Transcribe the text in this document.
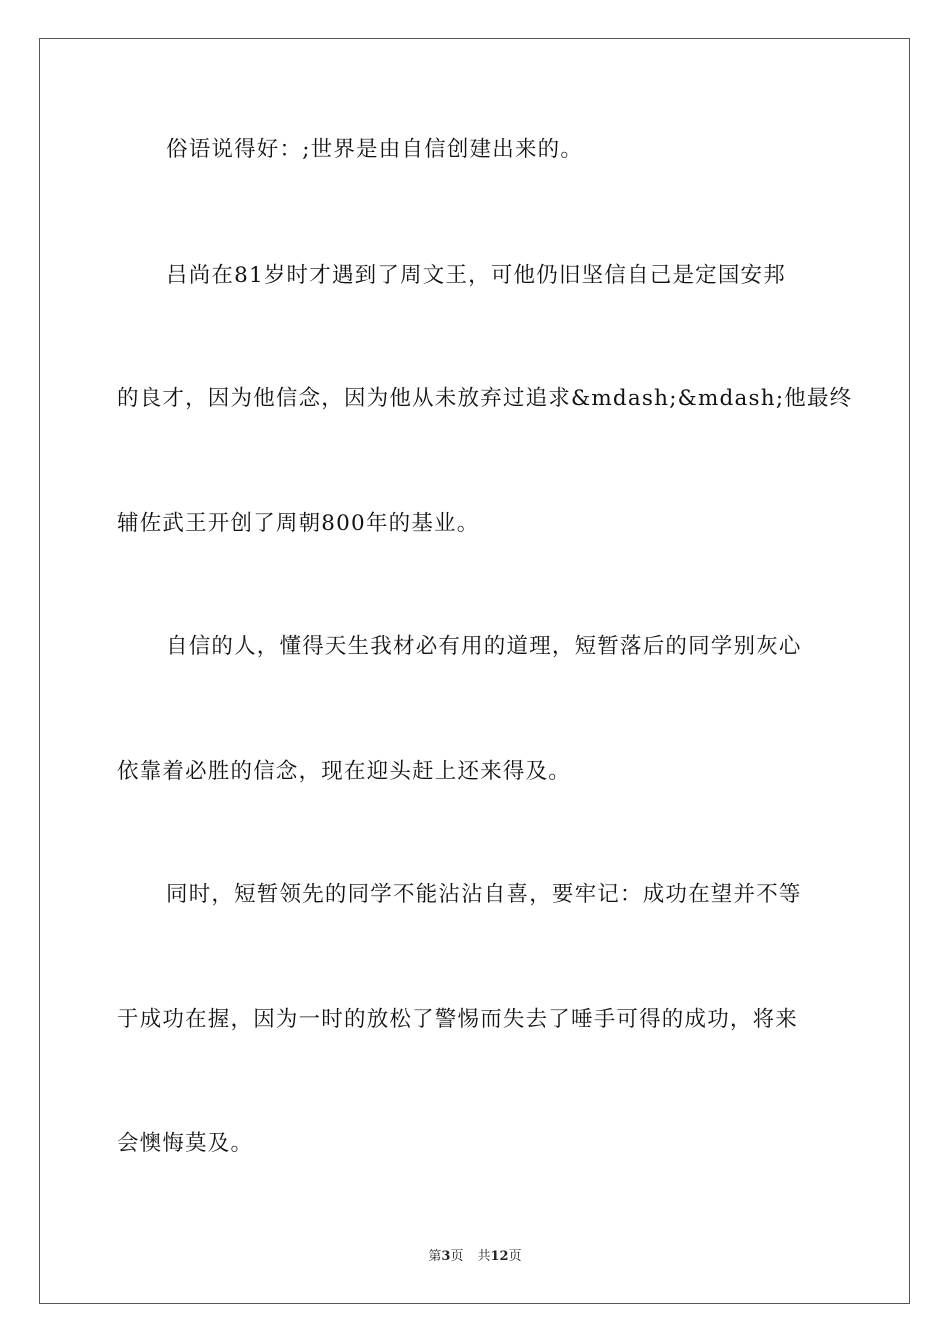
俗语说得好：;世界是由自信创建出来的。
吕尚在81岁时才遇到了周文王，可他仍旧坚信自己是定国安邦
的良才，因为他信念，因为他从未放弃过追求&mdash;&mdash;他最终
辅佐武王开创了周朝800年的基业。
自信的人，懂得天生我材必有用的道理，短暂落后的同学别灰心
依靠着必胜的信念，现在迎头赶上还来得及。
同时，短暂领先的同学不能沾沾自喜，要牢记：成功在望并不等
于成功在握，因为一时的放松了警惕而失去了唾手可得的成功，将来
会懊悔莫及。
第3页 共12页
